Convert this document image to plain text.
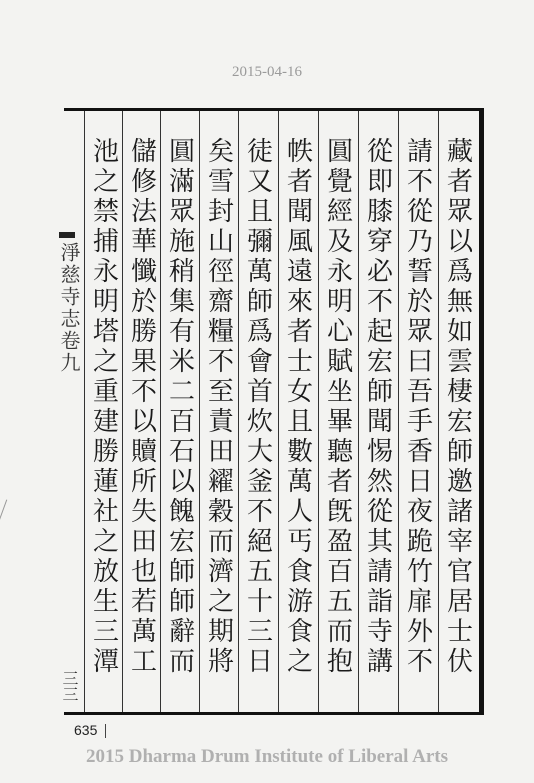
2015-04-16
藏者眾以爲無如雲棲宏師邀諸宰官居士伏
請不從乃誓於眾曰吾手香日夜跪竹扉外不
從即膝穿必不起宏師聞惕然從其請詣寺講
圓覺經及永明心賦坐畢聽者旣盈百五而抱
帙者聞風遠來者士女且數萬人丐食游食之
徒又且彌萬師爲會首炊大釜不絕五十三日
矣雪封山徑齋糧不至責田糴穀而濟之期將
圓滿眾施稍集有米二百石以餽宏師師辭而
儲修法華懺於勝果不以贖所失田也若萬工
池之禁捕永明塔之重建勝蓮社之放生三潭
淨慈寺志卷九
三三
635
2015 Dharma Drum Institute of Liberal Arts
